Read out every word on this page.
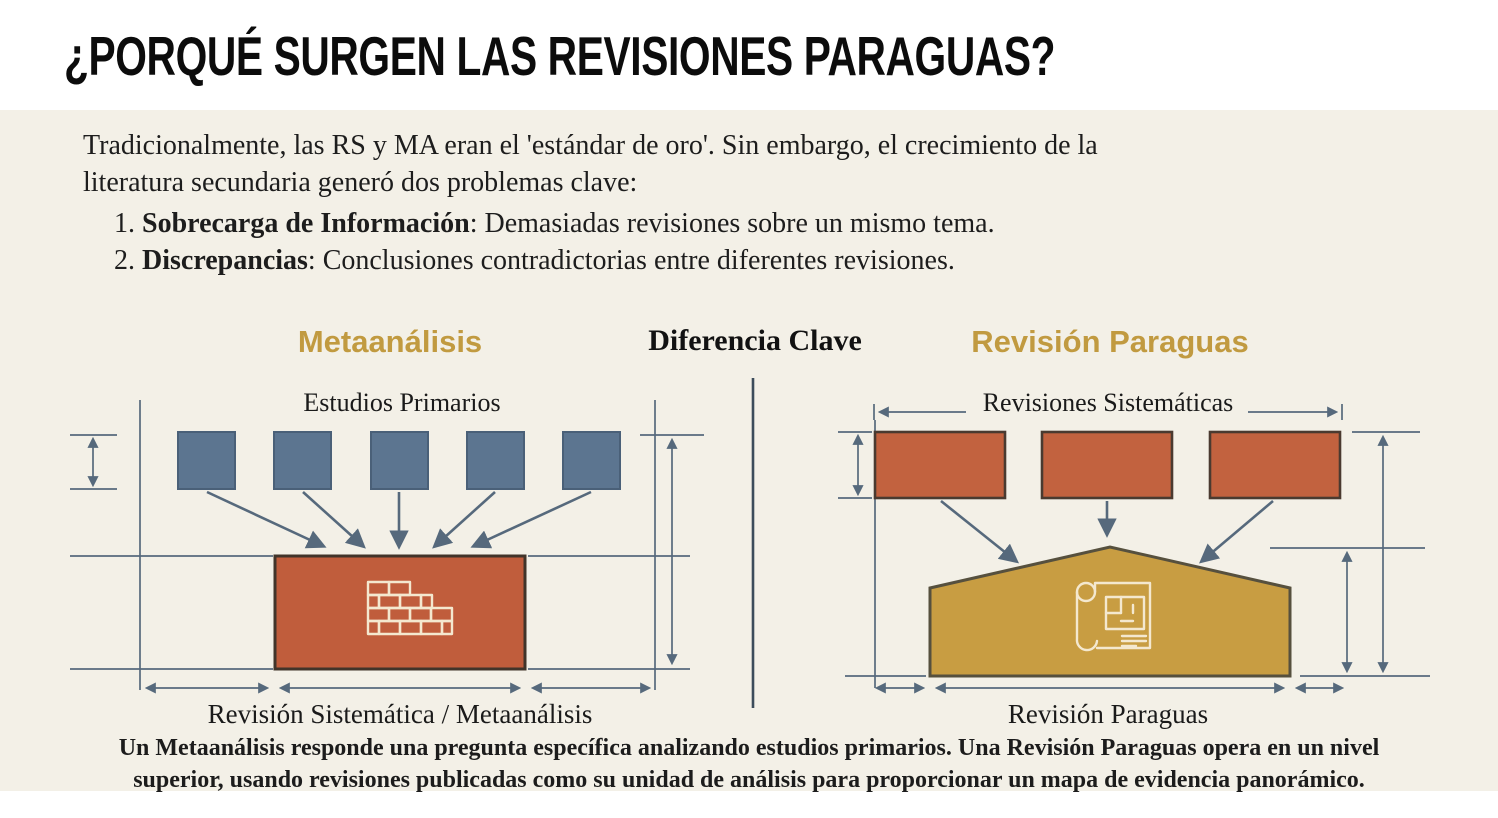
¿PORQUÉ SURGEN LAS REVISIONES PARAGUAS?
Tradicionalmente, las RS y MA eran el 'estándar de oro'. Sin embargo, el crecimiento de la
literatura secundaria generó dos problemas clave:
1. Sobrecarga de Información: Demasiadas revisiones sobre un mismo tema.
2. Discrepancias: Conclusiones contradictorias entre diferentes revisiones.
Metaanálisis	Diferencia Clave	Revisión Paraguas
Estudios Primarios
Revisión Sistemática / Metaanálisis
Revisiones Sistemáticas
Revisión Paraguas
Un Metaanálisis responde una pregunta específica analizando estudios primarios. Una Revisión Paraguas opera en un nivel
superior, usando revisiones publicadas como su unidad de análisis para proporcionar un mapa de evidencia panorámico.
